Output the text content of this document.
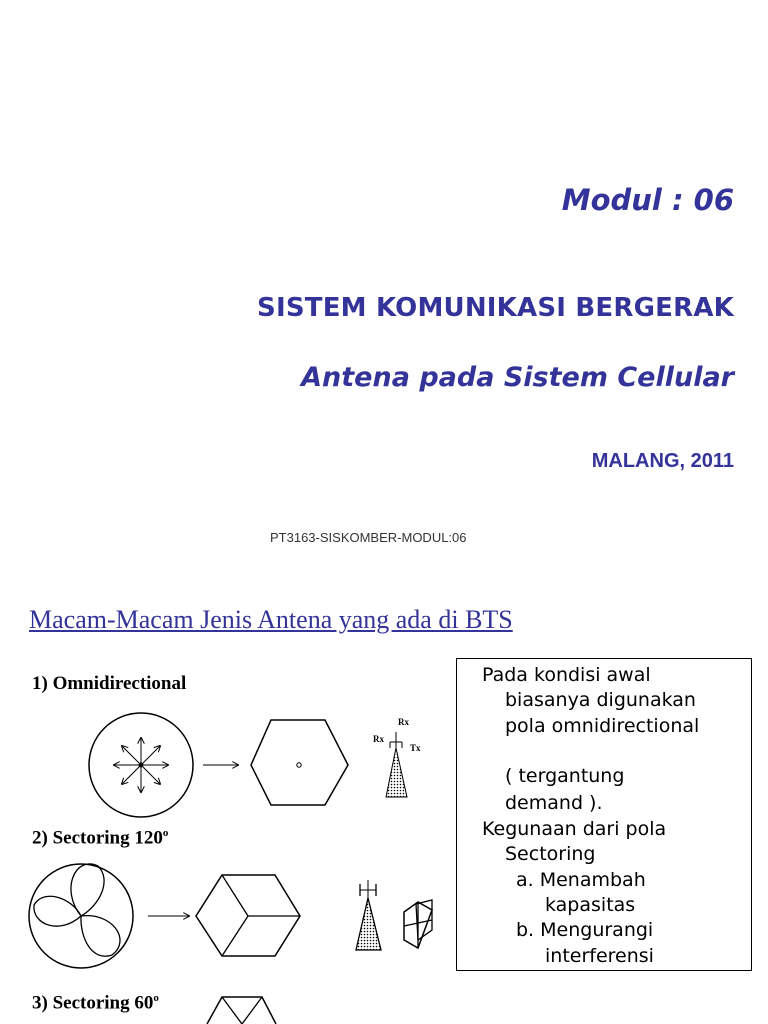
Modul : 06
SISTEM KOMUNIKASI BERGERAK
Antena pada Sistem Cellular
MALANG, 2011
PT3163-SISKOMBER-MODUL:06
Macam-Macam Jenis Antena yang ada di BTS
1) Omnidirectional
2) Sectoring 120$^o$
3) Sectoring 60$^o$
Rx
Rx
Tx
Pada kondisi awal
biasanya digunakan
pola omnidirectional
( tergantung
demand ).
Kegunaan dari pola
Sectoring
a. Menambah
kapasitas
b. Mengurangi
interferensi
